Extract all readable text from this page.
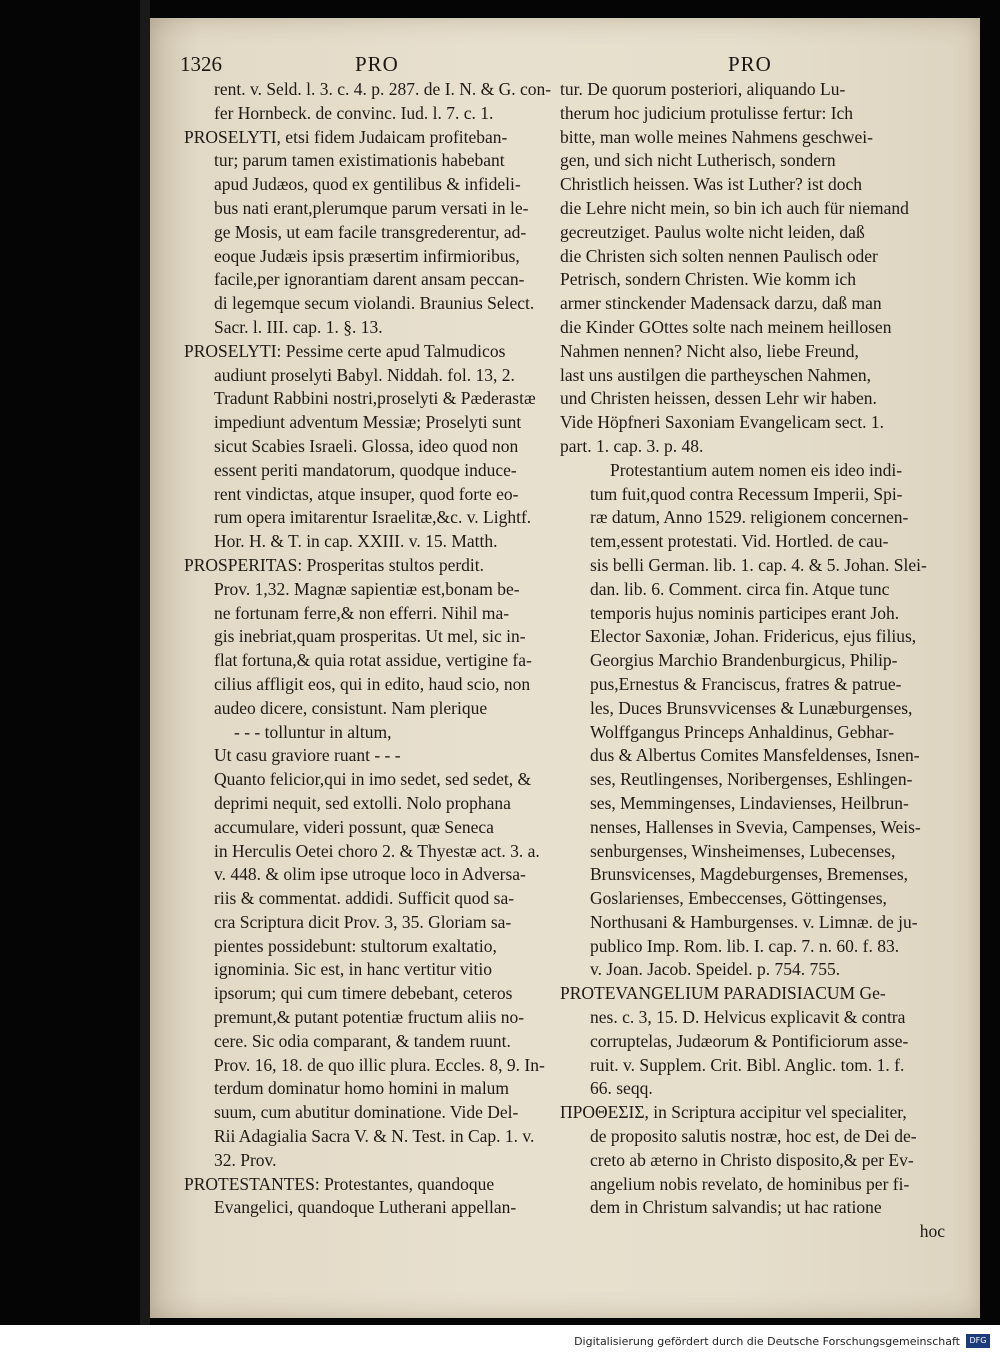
1326	PRO	PRO
rent. v. Seld. l. 3. c. 4. p. 287. de I. N. & G. con-
fer Hornbeck. de convinc. Iud. l. 7. c. 1.
PROSELYTI, etsi fidem Judaicam profiteban-
tur; parum tamen existimationis habebant
apud Judæos, quod ex gentilibus & infideli-
bus nati erant,plerumque parum versati in le-
ge Mosis, ut eam facile transgrederentur, ad-
eoque Judæis ipsis præsertim infirmioribus,
facile,per ignorantiam darent ansam peccan-
di legemque secum violandi. Braunius Select.
Sacr. l. III. cap. 1. §. 13.
PROSELYTI: Pessime certe apud Talmudicos
audiunt proselyti Babyl. Niddah. fol. 13, 2.
Tradunt Rabbini nostri,proselyti & Pæderastæ
impediunt adventum Messiæ; Proselyti sunt
sicut Scabies Israeli. Glossa, ideo quod non
essent periti mandatorum, quodque induce-
rent vindictas, atque insuper, quod forte eo-
rum opera imitarentur Israelitæ,&c. v. Lightf.
Hor. H. & T. in cap. XXIII. v. 15. Matth.
PROSPERITAS: Prosperitas stultos perdit.
Prov. 1,32. Magnæ sapientiæ est,bonam be-
ne fortunam ferre,& non efferri. Nihil ma-
gis inebriat,quam prosperitas. Ut mel, sic in-
flat fortuna,& quia rotat assidue, vertigine fa-
cilius affligit eos, qui in edito, haud scio, non
audeo dicere, consistunt. Nam plerique
- - - tolluntur in altum,
Ut casu graviore ruant - - -
Quanto felicior,qui in imo sedet, sed sedet, &
deprimi nequit, sed extolli. Nolo prophana
accumulare, videri possunt, quæ Seneca
in Herculis Oetei choro 2. & Thyestæ act. 3. a.
v. 448. & olim ipse utroque loco in Adversa-
riis & commentat. addidi. Sufficit quod sa-
cra Scriptura dicit Prov. 3, 35. Gloriam sa-
pientes possidebunt: stultorum exaltatio,
ignominia. Sic est, in hanc vertitur vitio
ipsorum; qui cum timere debebant, ceteros
premunt,& putant potentiæ fructum aliis no-
cere. Sic odia comparant, & tandem ruunt.
Prov. 16, 18. de quo illic plura. Eccles. 8, 9. In-
terdum dominatur homo homini in malum
suum, cum abutitur dominatione. Vide Del-
Rii Adagialia Sacra V. & N. Test. in Cap. 1. v.
32. Prov.
PROTESTANTES: Protestantes, quandoque
Evangelici, quandoque Lutherani appellan-
tur. De quorum posteriori, aliquando Lu-
therum hoc judicium protulisse fertur: Ich
bitte, man wolle meines Nahmens geschwei-
gen, und sich nicht Lutherisch, sondern
Christlich heissen. Was ist Luther? ist doch
die Lehre nicht mein, so bin ich auch für niemand
gecreutziget. Paulus wolte nicht leiden, daß
die Christen sich solten nennen Paulisch oder
Petrisch, sondern Christen. Wie komm ich
armer stinckender Madensack darzu, daß man
die Kinder GOttes solte nach meinem heillosen
Nahmen nennen? Nicht also, liebe Freund,
last uns austilgen die partheyschen Nahmen,
und Christen heissen, dessen Lehr wir haben.
Vide Höpfneri Saxoniam Evangelicam sect. 1.
part. 1. cap. 3. p. 48.
Protestantium autem nomen eis ideo indi-
tum fuit,quod contra Recessum Imperii, Spi-
ræ datum, Anno 1529. religionem concernen-
tem,essent protestati. Vid. Hortled. de cau-
sis belli German. lib. 1. cap. 4. & 5. Johan. Slei-
dan. lib. 6. Comment. circa fin. Atque tunc
temporis hujus nominis participes erant Joh.
Elector Saxoniæ, Johan. Fridericus, ejus filius,
Georgius Marchio Brandenburgicus, Philip-
pus,Ernestus & Franciscus, fratres & patrue-
les, Duces Brunsvvicenses & Lunæburgenses,
Wolffgangus Princeps Anhaldinus, Gebhar-
dus & Albertus Comites Mansfeldenses, Isnen-
ses, Reutlingenses, Noribergenses, Eshlingen-
ses, Memmingenses, Lindavienses, Heilbrun-
nenses, Hallenses in Svevia, Campenses, Weis-
senburgenses, Winsheimenses, Lubecenses,
Brunsvicenses, Magdeburgenses, Bremenses,
Goslarienses, Embeccenses, Göttingenses,
Northusani & Hamburgenses. v. Limnæ. de ju-
publico Imp. Rom. lib. I. cap. 7. n. 60. f. 83.
v. Joan. Jacob. Speidel. p. 754. 755.
PROTEVANGELIUM PARADISIACUM Ge-
nes. c. 3, 15. D. Helvicus explicavit & contra
corruptelas, Judæorum & Pontificiorum asse-
ruit. v. Supplem. Crit. Bibl. Anglic. tom. 1. f.
66. seqq.
ΠΡΟΘΕΣΙΣ, in Scriptura accipitur vel specialiter,
de proposito salutis nostræ, hoc est, de Dei de-
creto ab æterno in Christo disposito,& per Ev-
angelium nobis revelato, de hominibus per fi-
dem in Christum salvandis; ut hac ratione
hoc
Digitalisierung gefördert durch die Deutsche Forschungsgemeinschaft	DFG
